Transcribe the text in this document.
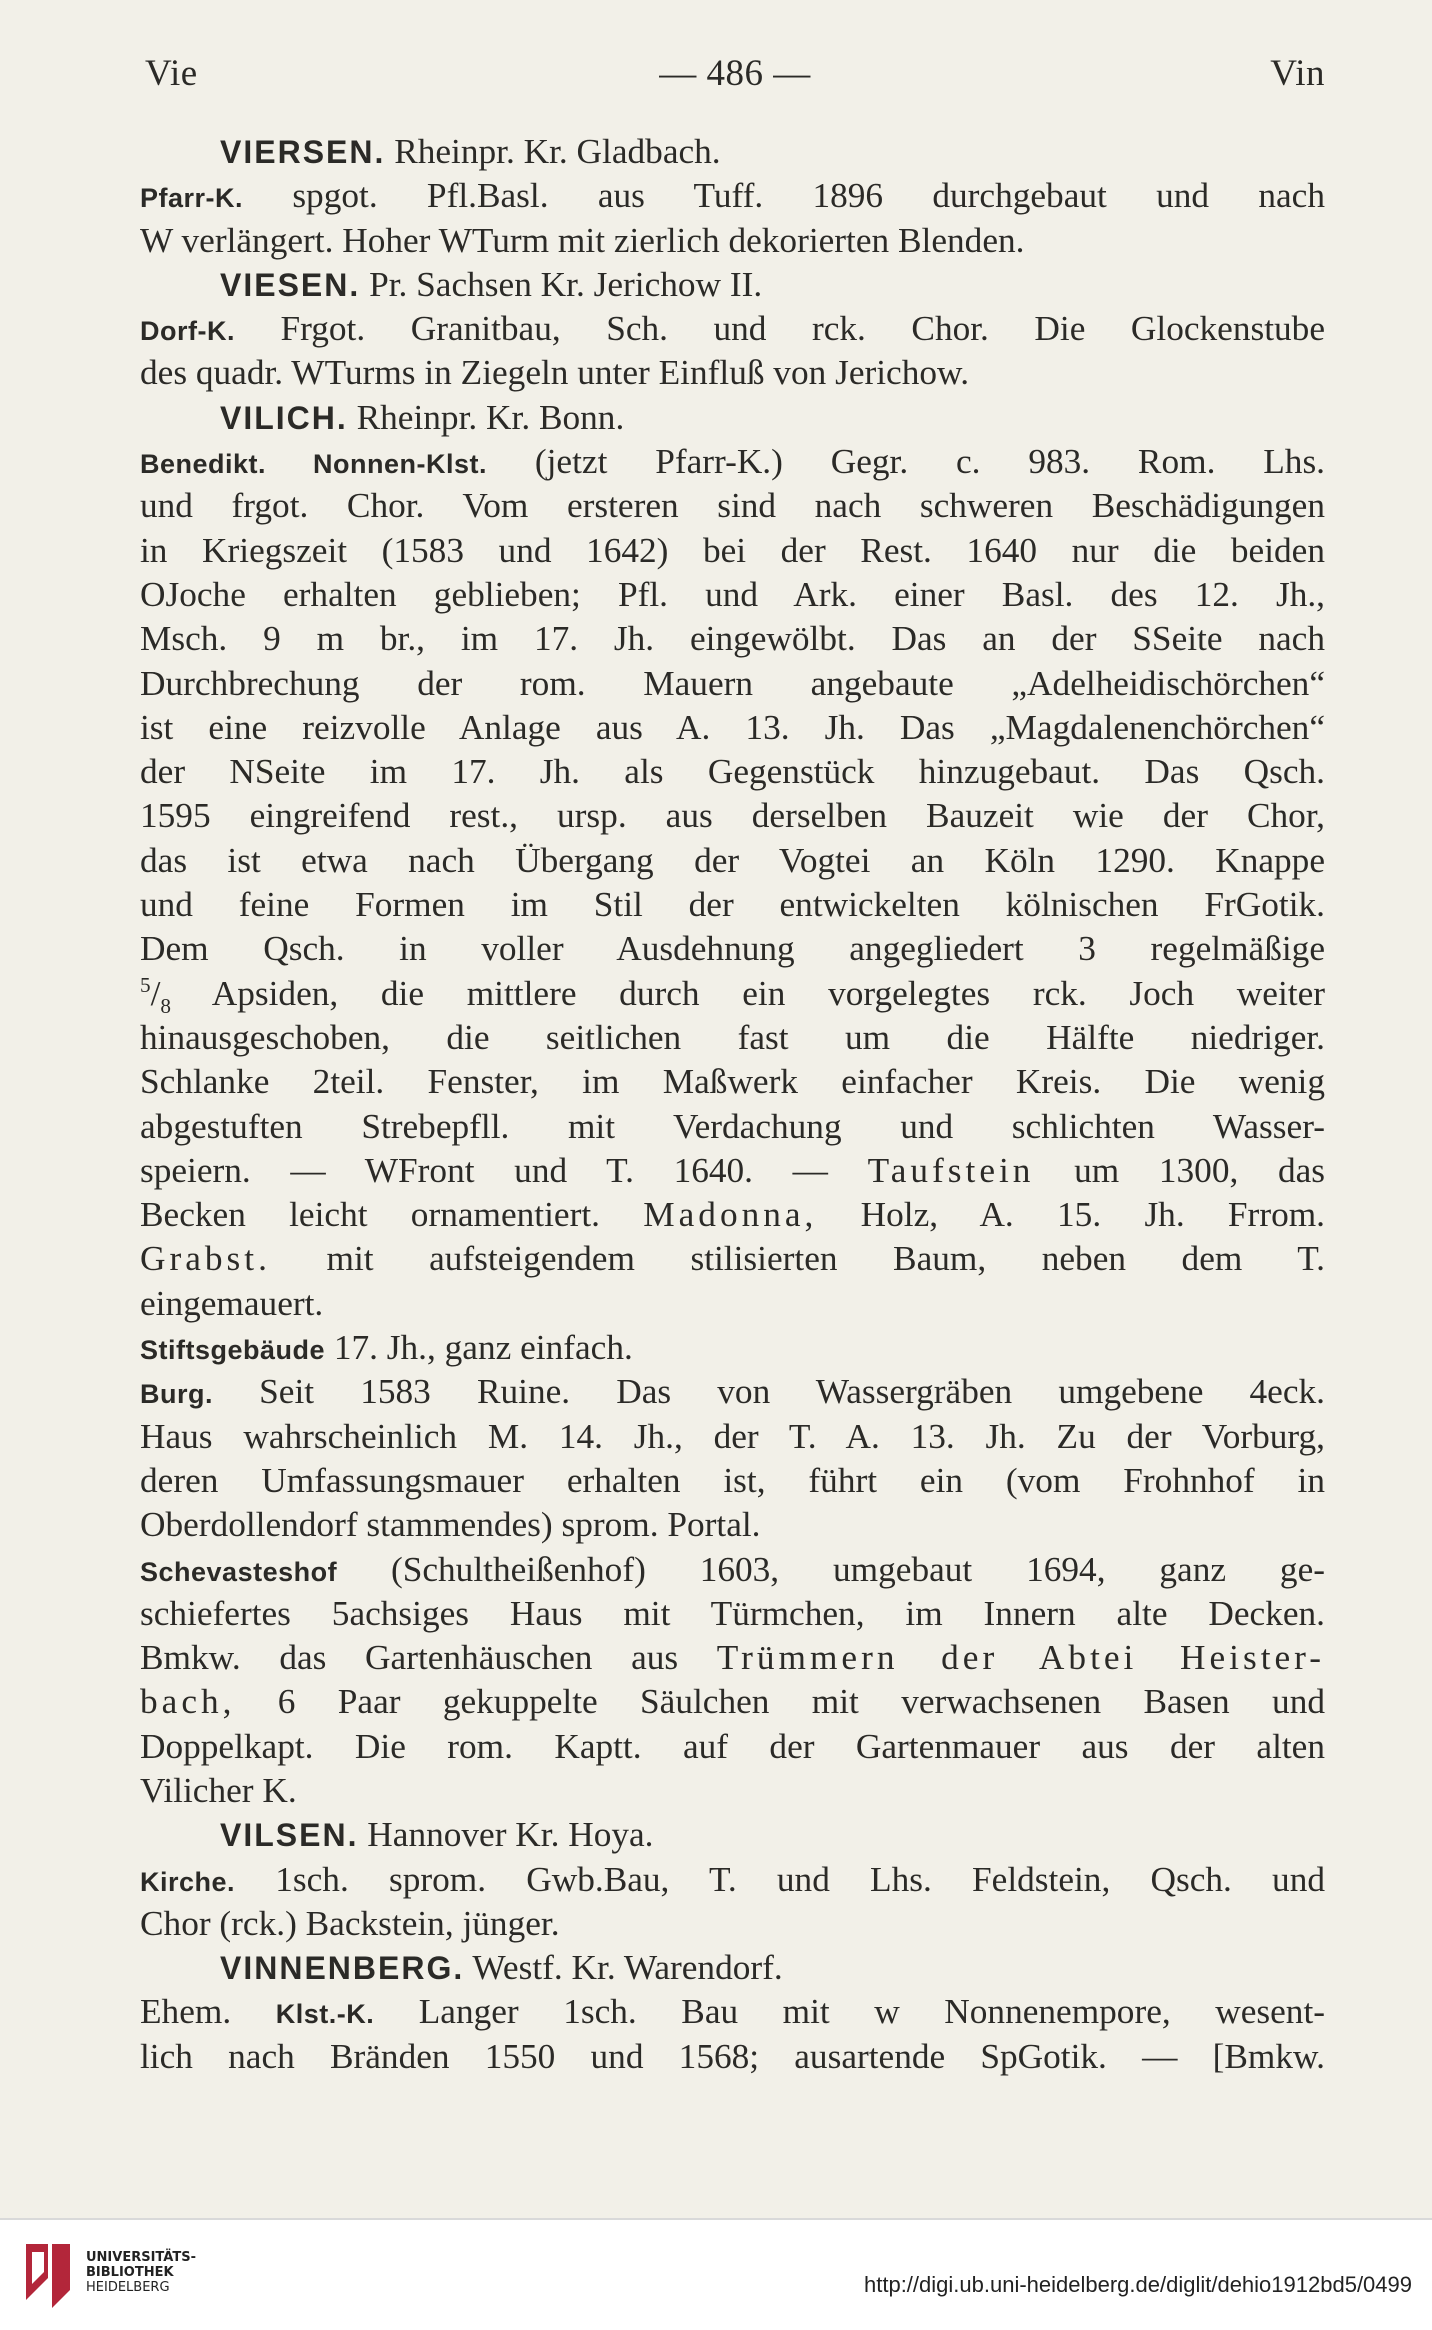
Vie	— 486 —	Vin
VIERSEN. Rheinpr. Kr. Gladbach.
Pfarr-K. spgot. Pfl.Basl. aus Tuff. 1896 durchgebaut und nach
W verlängert. Hoher WTurm mit zierlich dekorierten Blenden.
VIESEN. Pr. Sachsen Kr. Jerichow II.
Dorf-K. Frgot. Granitbau, Sch. und rck. Chor. Die Glockenstube
des quadr. WTurms in Ziegeln unter Einfluß von Jerichow.
VILICH. Rheinpr. Kr. Bonn.
Benedikt. Nonnen-Klst. (jetzt Pfarr-K.) Gegr. c. 983. Rom. Lhs.
und frgot. Chor. Vom ersteren sind nach schweren Beschädigungen
in Kriegszeit (1583 und 1642) bei der Rest. 1640 nur die beiden
OJoche erhalten geblieben; Pfl. und Ark. einer Basl. des 12. Jh.,
Msch. 9 m br., im 17. Jh. eingewölbt. Das an der SSeite nach
Durchbrechung der rom. Mauern angebaute „Adelheidischörchen“
ist eine reizvolle Anlage aus A. 13. Jh. Das „Magdalenenchörchen“
der NSeite im 17. Jh. als Gegenstück hinzugebaut. Das Qsch.
1595 eingreifend rest., ursp. aus derselben Bauzeit wie der Chor,
das ist etwa nach Übergang der Vogtei an Köln 1290. Knappe
und feine Formen im Stil der entwickelten kölnischen FrGotik.
Dem Qsch. in voller Ausdehnung angegliedert 3 regelmäßige
$^5/_8$ Apsiden, die mittlere durch ein vorgelegtes rck. Joch weiter
hinausgeschoben, die seitlichen fast um die Hälfte niedriger.
Schlanke 2teil. Fenster, im Maßwerk einfacher Kreis. Die wenig
abgestuften Strebepfll. mit Verdachung und schlichten Wasser-
speiern. — WFront und T. 1640. — Taufstein um 1300, das
Becken leicht ornamentiert. Madonna, Holz, A. 15. Jh. Frrom.
Grabst. mit aufsteigendem stilisierten Baum, neben dem T.
eingemauert.
Stiftsgebäude 17. Jh., ganz einfach.
Burg. Seit 1583 Ruine. Das von Wassergräben umgebene 4eck.
Haus wahrscheinlich M. 14. Jh., der T. A. 13. Jh. Zu der Vorburg,
deren Umfassungsmauer erhalten ist, führt ein (vom Frohnhof in
Oberdollendorf stammendes) sprom. Portal.
Schevasteshof (Schultheißenhof) 1603, umgebaut 1694, ganz ge-
schiefertes 5achsiges Haus mit Türmchen, im Innern alte Decken.
Bmkw. das Gartenhäuschen aus Trümmern der Abtei Heister-
bach, 6 Paar gekuppelte Säulchen mit verwachsenen Basen und
Doppelkapt. Die rom. Kaptt. auf der Gartenmauer aus der alten
Vilicher K.
VILSEN. Hannover Kr. Hoya.
Kirche. 1sch. sprom. Gwb.Bau, T. und Lhs. Feldstein, Qsch. und
Chor (rck.) Backstein, jünger.
VINNENBERG. Westf. Kr. Warendorf.
Ehem. Klst.-K. Langer 1sch. Bau mit w Nonnenempore, wesent-
lich nach Bränden 1550 und 1568; ausartende SpGotik. — [Bmkw.
UNIVERSITÄTS-
BIBLIOTHEK
HEIDELBERG	http://digi.ub.uni-heidelberg.de/diglit/dehio1912bd5/0499
